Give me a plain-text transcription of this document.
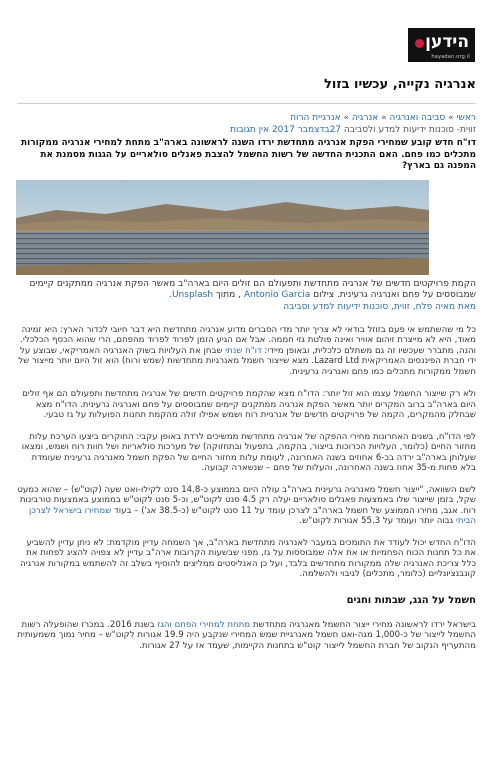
הידען
hayadan.org.il
אנרגיה נקייה, עכשיו בזול
ראשי » סביבה ואנרגיה » אנרגיה » אנרגיית הרוח
זווית- סוכנות ידיעות למדע ולסביבה 27בדצמבר 2017 אין תגובות
דו"ח חדש קובע שמחירי הפקת אנרגיה מתחדשת ירדו השנה לראשונה בארה"ב מתחת למחירי אנרגיה ממקורות מתכלים כמו פחם. האם התכנית החדשה של רשות החשמל להצבת פאנלים סולאריים על הגגות מסמנת את המפנה גם בארץ?
הקמת פרויקטים חדשים של אנרגיה מתחדשת ותפעולם הם זולים היום בארה"ב מאשר הפקת אנרגיה ממתקנים קיימים שמבוססים על פחם ואנרגיה גרעינית. צילום Antonio Garcia , מתוך Unsplash.
מאת מאיה פלח, זווית, סוכנות ידיעות למדע וסביבה

כל מי שהשתמש אי פעם בזוזל בודאי לא צריך יותר מדי הסברים מדוע אנרגיה מתחדשת היא דבר חיובי לכדור הארץ: היא זמינה מאוד, היא לא מייצרת זיהום אוויר ואינה פולטת גזי חממה. אבל אם הגיע הזמן לפרוד לפרוד מהפחם, הרי שהוא הכסף הכלכלי. והנה, מתברר שעכשיו זה גם משתלם כלכלית, ובאופן מיידי: דו"ח שנתי שבחן את העלויות בשוק האנרגיה האמריקאי, שבוצע על ידי חברת הפיננסים האמריקאית Lazard Ltd. מצא שייצור חשמל מאנרגיות מתחדשות (שמש ורוח) הוא זול היום יותר מייצור של חשמל ממקורות מתכלים כמו פחם ואנרגיה גרעינית.

ולא רק שייצור החשמל עצמו הוא זול יותר: הדו"ח מצא שהקמת פרויקטים חדשים של אנרגיה מתחדשת ותפעולם הם אף זולים היום בארה"ב ברוב המקרים יותר מאשר הפקת אנרגיה ממתקנים קיימים שמבוססים על פחם ואנרגיה גרעינית. הדו"ח מצא שבחלק מהמקרים, הקמה של פרויקטים חדשים של אנרגיית רוח ושמש אפילו זולה מהקמת תחנות הפועלות על גז טבעי.

לפי הדו"ח, בשנים האחרונות מחירי ההפקה של אנרגיה מתחדשת ממשיכים לרדת באופן עקבי: החוקרים ביצעו הערכת עלות מחזור החיים (כלומר, העלויות הכרוכות בייצור, בהקמה, בתפעול ובתחזוקה) של מערכות סולאריות ושל חוות רוח ושמש, ומצאו שעלותן בארה"ב ירדה בכ-6 אחוזים בשנה האחרונה, לעומת עלות מחזור החיים של הפקת חשמל מאנרגיה גרעינית שעומדת בלא פחות מ-35 אחוז בשנה האחרונה, והעלות של פחם – שנשארה קבועה.

לשם השוואה, "ייצור חשמל מאנרגיה גרעינית בארה"ב עולה היום בממוצע כ-14.8 סנט לקילו-ואט שעה (קוט"ש) – שהוא כמעט שקל, בזמן שייצור שלו באמצעות פאנלים סולאריים יעלה רק 4.5 סנט לקוט"ש, וכ-5 סנט לקוט"ש בממוצע באמצעות טורבינות רוח. אגב, מחירו הממוצע של חשמל בארה"ב לצרכן עומד על 11 סנט לקוט"ש (כ-38.5 אג') – בעוד שמחירו בישראל לצרכן הביתי גבוה יותר ועומד על 55.3 אגורות לקוט"ש.

הדו"ח החדש יכול לעודד את התומכים במעבר לאנרגיה מתחדשת בארה"ב, אך השמחה עדיין מוקדמת: לא ניתן עדיין להשביע את כל תחנות הכוח הפחמיות או את אלה שמבוססות על גז, מפני שבשעות הקרובות ארה"ב עדיין לא צפויה להציג לפחות את כלל צריכת האנרגיה שלה ממקורות מתחדשים בלבד, ועל כן האנליסטים ממליצים להוסיף בשלב זה להשתמש במקורות אנרגיה קונבנציונליים (כלומר, מתכלים) לגיבוי ולהשלמה.

חשמל על הגג, שבתות וחגים

בישראל ירדו לראשונה מחירי ייצור החשמל מאנרגיה מתחדשת מתחת למחירי הפחם והגז בשנת 2016. במכרז שהופעלה רשות החשמל לייצור של כ-1,000 מגה-ואט חשמל מאנרגיית שמש המחירי שנקבע היה 19.9 אגורות לקוט"ש – מחיר נמוך משמעותית מהתעריף הנקוב של חברת החשמל לייצור קוט"ש בתחנות הקיימות, שעמד אז על 27 אגורות.
